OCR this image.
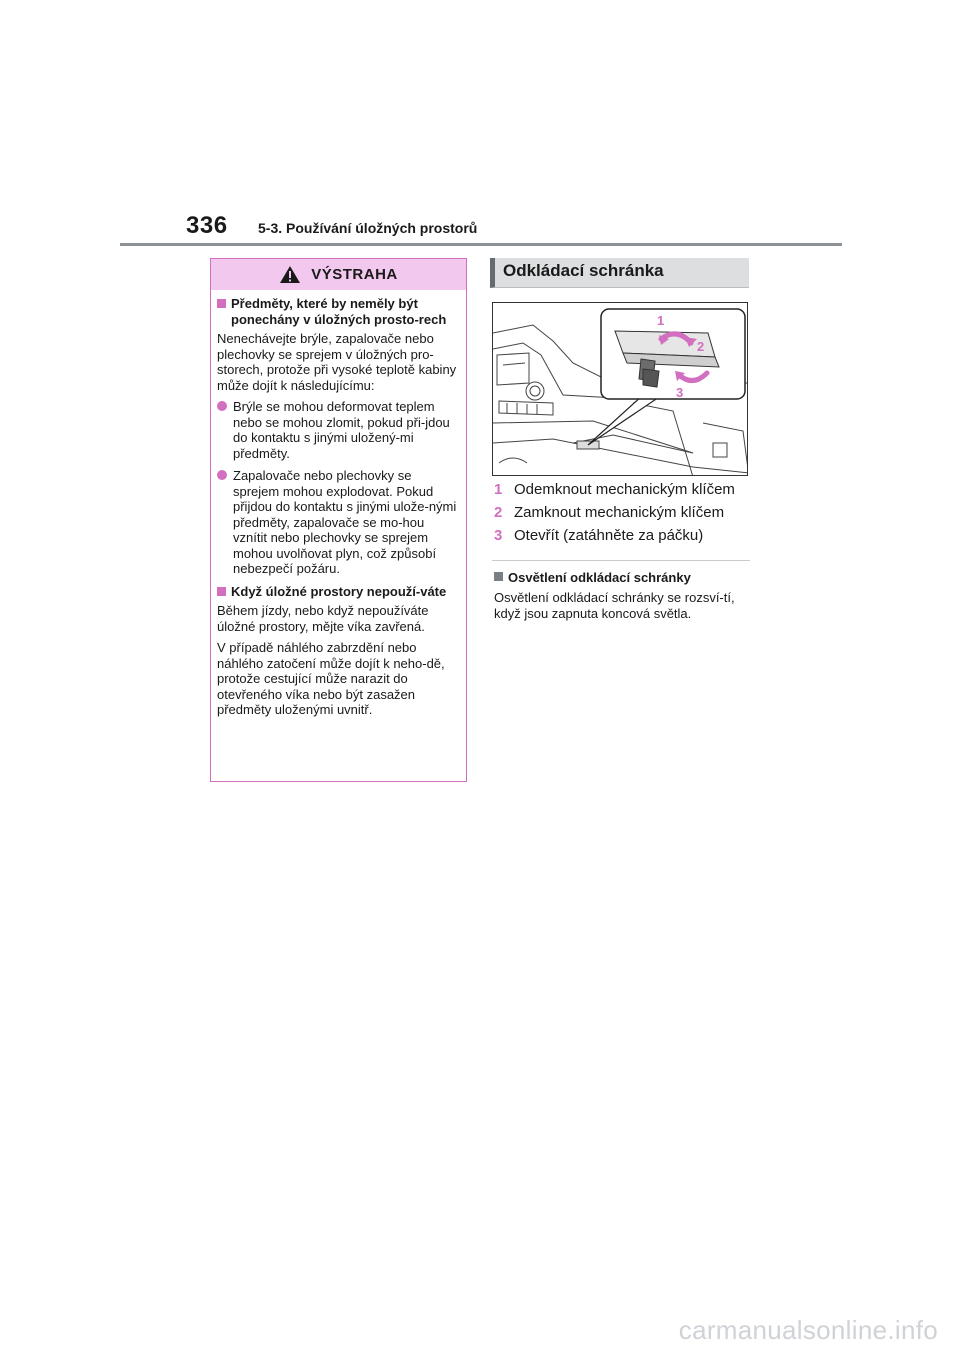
336 5-3. Používání úložných prostorů
VÝSTRAHA
Předměty, které by neměly být ponechány v úložných prosto-rech
Nenechávejte brýle, zapalovače nebo plechovky se sprejem v úložných pro-storech, protože při vysoké teplotě kabiny může dojít k následujícímu:
Brýle se mohou deformovat teplem nebo se mohou zlomit, pokud při-jdou do kontaktu s jinými uložený-mi předměty.
Zapalovače nebo plechovky se sprejem mohou explodovat. Pokud přijdou do kontaktu s jinými ulože-nými předměty, zapalovače se mo-hou vznítit nebo plechovky se sprejem mohou uvolňovat plyn, což způsobí nebezpečí požáru.
Když úložné prostory nepouží-váte
Během jízdy, nebo když nepoužíváte úložné prostory, mějte víka zavřená.
V případě náhlého zabrzdění nebo náhlého zatočení může dojít k neho-dě, protože cestující může narazit do otevřeného víka nebo být zasažen předměty uloženými uvnitř.
Odkládací schránka
1
2
3
1 Odemknout mechanickým klíčem
2 Zamknout mechanickým klíčem
3 Otevřít (zatáhněte za páčku)
Osvětlení odkládací schránky
Osvětlení odkládací schránky se rozsví-tí, když jsou zapnuta koncová světla.
carmanualsonline.info
